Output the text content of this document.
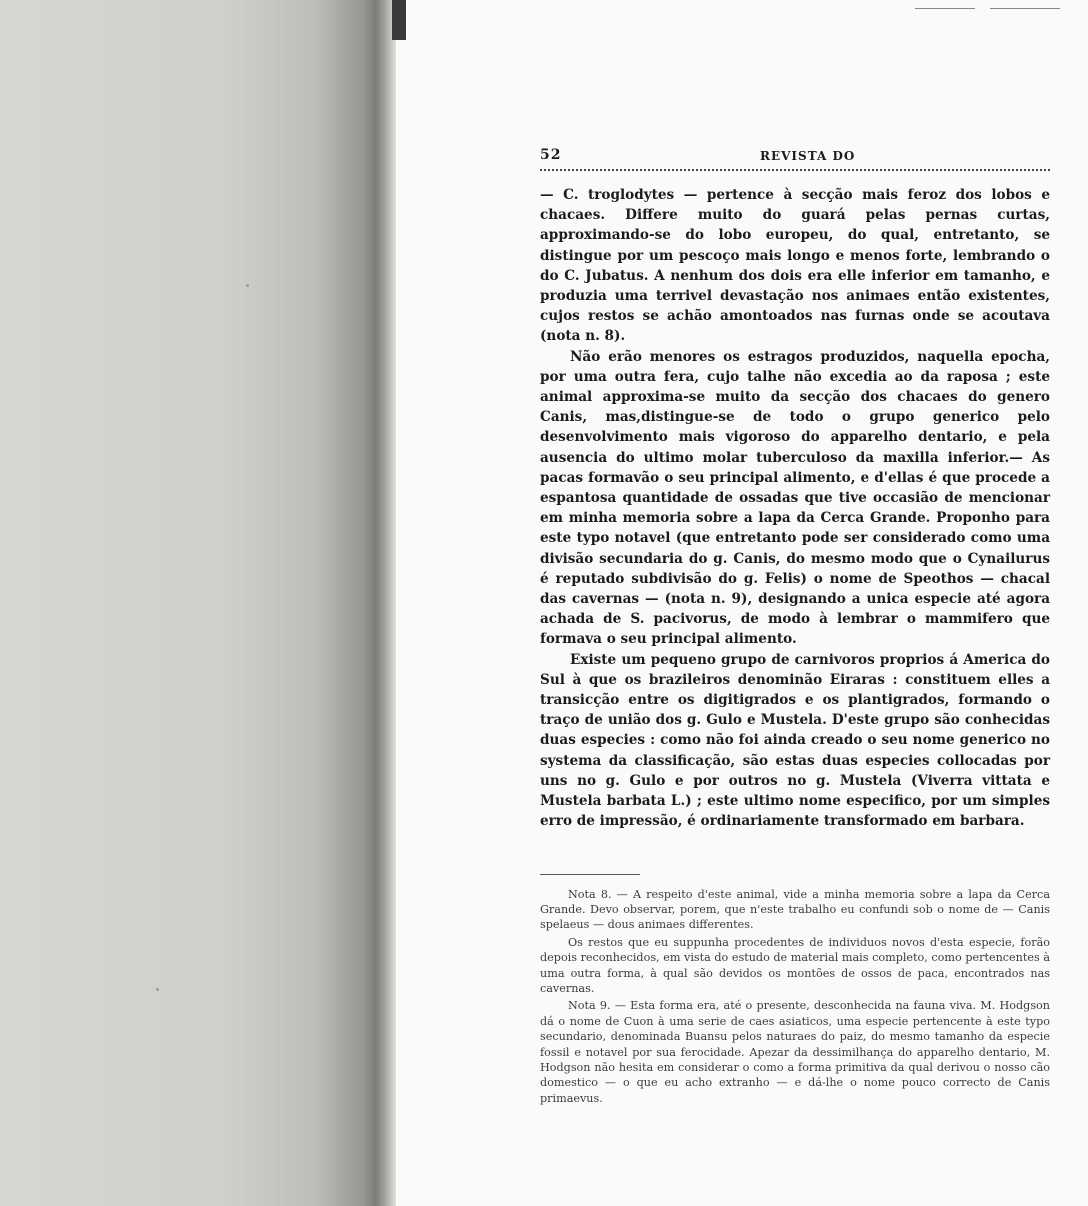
52	REVISTA DO

— C. troglodytes — pertence à secção mais feroz dos lobos e chacaes. Differe muito do guará pelas pernas curtas, approximando-se do lobo europeu, do qual, entretanto, se distingue por um pescoço mais longo e menos forte, lembrando o do C. Jubatus. A nenhum dos dois era elle inferior em tamanho, e produzia uma terrivel devastação nos animaes então existentes, cujos restos se achão amontoados nas furnas onde se acoutava (nota n. 8).

Não erão menores os estragos produzidos, naquella epocha, por uma outra fera, cujo talhe não excedia ao da raposa ; este animal approxima-se muito da secção dos chacaes do genero Canis, mas,distingue-se de todo o grupo generico pelo desenvolvimento mais vigoroso do apparelho dentario, e pela ausencia do ultimo molar tuberculoso da maxilla inferior.— As pacas formavão o seu principal alimento, e d'ellas é que procede a espantosa quantidade de ossadas que tive occasião de mencionar em minha memoria sobre a lapa da Cerca Grande. Proponho para este typo notavel (que entretanto pode ser considerado como uma divisão secundaria do g. Canis, do mesmo modo que o Cynailurus é reputado subdivisão do g. Felis) o nome de Speothos — chacal das cavernas — (nota n. 9), designando a unica especie até agora achada de S. pacivorus, de modo à lembrar o mammifero que formava o seu principal alimento.

Existe um pequeno grupo de carnivoros proprios á America do Sul à que os brazileiros denominão Eiraras : constituem elles a transicção entre os digitigrados e os plantigrados, formando o traço de união dos g. Gulo e Mustela. D'este grupo são conhecidas duas especies : como não foi ainda creado o seu nome generico no systema da classificação, são estas duas especies collocadas por uns no g. Gulo e por outros no g. Mustela (Viverra vittata e Mustela barbata L.) ; este ultimo nome especifico, por um simples erro de impressão, é ordinariamente transformado em barbara.

Nota 8. — A respeito d'este animal, vide a minha memoria sobre a lapa da Cerca Grande. Devo observar, porem, que n'este trabalho eu confundi sob o nome de — Canis spelaeus — dous animaes differentes.

Os restos que eu suppunha procedentes de individuos novos d'esta especie, forão depois reconhecidos, em vista do estudo de material mais completo, como pertencentes à uma outra forma, à qual são devidos os montões de ossos de paca, encontrados nas cavernas.

Nota 9. — Esta forma era, até o presente, desconhecida na fauna viva. M. Hodgson dá o nome de Cuon à uma serie de caes asiaticos, uma especie pertencente à este typo secundario, denominada Buansu pelos naturaes do paiz, do mesmo tamanho da especie fossil e notavel por sua ferocidade. Apezar da dessimilhança do apparelho dentario, M. Hodgson não hesita em considerar o como a forma primitiva da qual derivou o nosso cão domestico — o que eu acho extranho — e dá-lhe o nome pouco correcto de Canis primaevus.
